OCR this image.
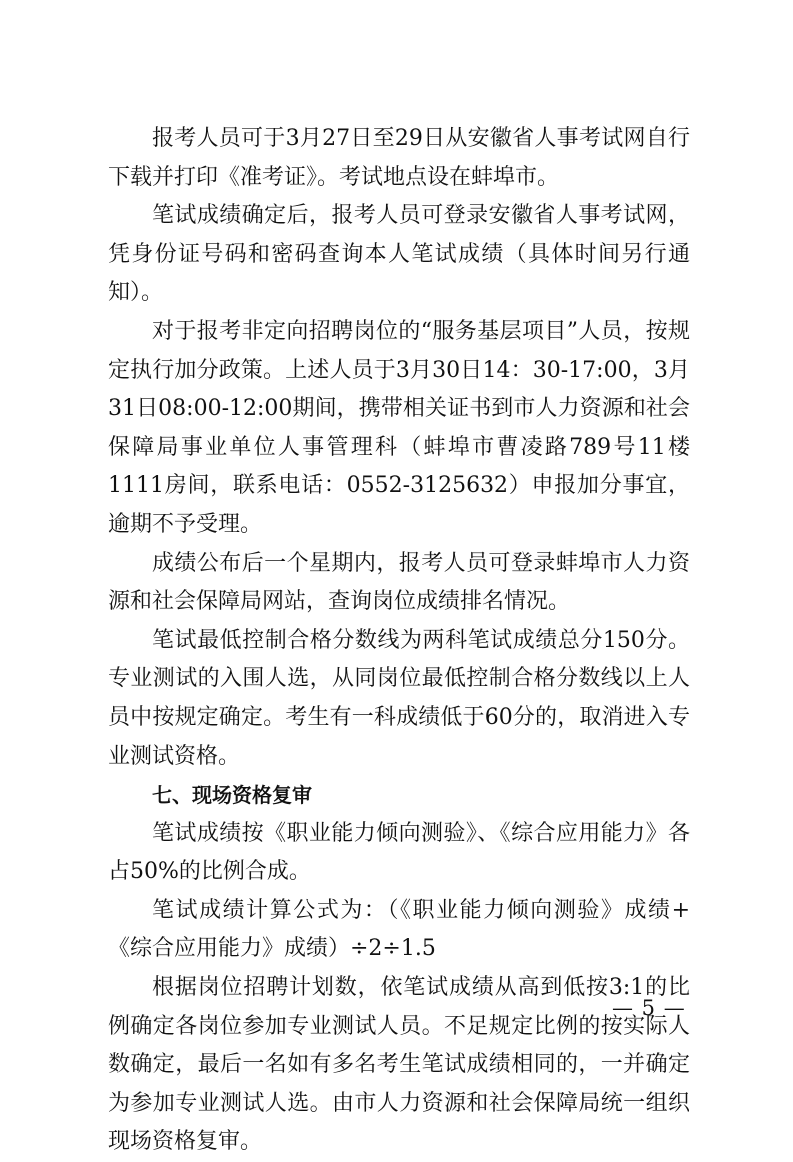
报考人员可于3月27日至29日从安徽省人事考试网自行下载并打印《准考证》。考试地点设在蚌埠市。

笔试成绩确定后，报考人员可登录安徽省人事考试网，凭身份证号码和密码查询本人笔试成绩（具体时间另行通知）。

对于报考非定向招聘岗位的“服务基层项目”人员，按规定执行加分政策。上述人员于3月30日14：30-17:00，3月31日08:00-12:00期间，携带相关证书到市人力资源和社会保障局事业单位人事管理科（蚌埠市曹凌路789号11楼1111房间，联系电话：0552-3125632）申报加分事宜，逾期不予受理。

成绩公布后一个星期内，报考人员可登录蚌埠市人力资源和社会保障局网站，查询岗位成绩排名情况。

笔试最低控制合格分数线为两科笔试成绩总分150分。专业测试的入围人选，从同岗位最低控制合格分数线以上人员中按规定确定。考生有一科成绩低于60分的，取消进入专业测试资格。

七、现场资格复审

笔试成绩按《职业能力倾向测验》、《综合应用能力》各占50%的比例合成。

笔试成绩计算公式为：（《职业能力倾向测验》成绩+《综合应用能力》成绩）÷2÷1.5

根据岗位招聘计划数，依笔试成绩从高到低按3:1的比例确定各岗位参加专业测试人员。不足规定比例的按实际人数确定，最后一名如有多名考生笔试成绩相同的，一并确定为参加专业测试人选。由市人力资源和社会保障局统一组织现场资格复审。

— 5 —
